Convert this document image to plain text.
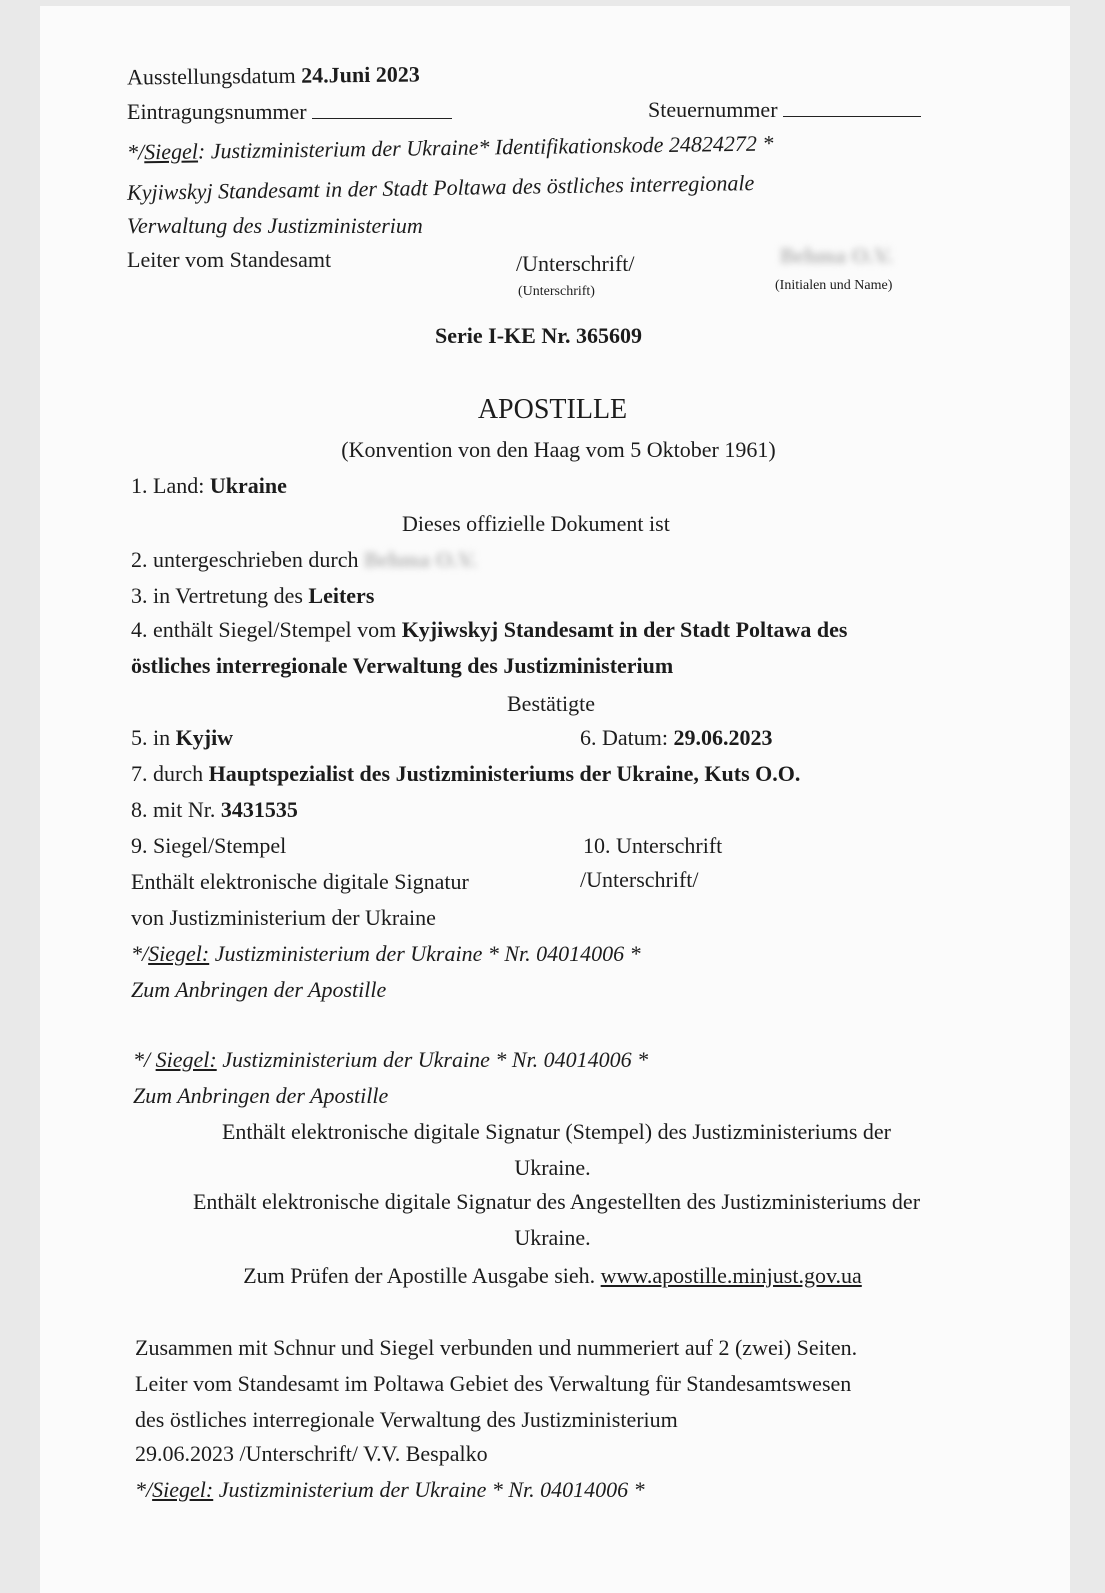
Ausstellungsdatum 24.Juni 2023
Eintragungsnummer	Steuernummer
*/Siegel: Justizministerium der Ukraine* Identifikationskode 24824272 *
Kyjiwskyj Standesamt in der Stadt Poltawa des östliches interregionale
Verwaltung des Justizministerium
Leiter vom Standesamt	/Unterschrift/
(Unterschrift)
Behma O.V.
(Initialen und Name)
Serie I-KE Nr. 365609
APOSTILLE
(Konvention von den Haag vom 5 Oktober 1961)
1. Land: Ukraine
Dieses offizielle Dokument ist
2. untergeschrieben durch Behma O.V.
3. in Vertretung des Leiters
4. enthält Siegel/Stempel vom Kyjiwskyj Standesamt in der Stadt Poltawa des
östliches interregionale Verwaltung des Justizministerium
Bestätigte
5. in Kyjiw	6. Datum: 29.06.2023
7. durch Hauptspezialist des Justizministeriums der Ukraine, Kuts O.O.
8. mit Nr. 3431535
9. Siegel/Stempel	10. Unterschrift
Enthält elektronische digitale Signatur	/Unterschrift/
von Justizministerium der Ukraine
*/Siegel: Justizministerium der Ukraine * Nr. 04014006 *
Zum Anbringen der Apostille
*/ Siegel: Justizministerium der Ukraine * Nr. 04014006 *
Zum Anbringen der Apostille
Enthält elektronische digitale Signatur (Stempel) des Justizministeriums der
Ukraine.
Enthält elektronische digitale Signatur des Angestellten des Justizministeriums der
Ukraine.
Zum Prüfen der Apostille Ausgabe sieh. www.apostille.minjust.gov.ua
Zusammen mit Schnur und Siegel verbunden und nummeriert auf 2 (zwei) Seiten.
Leiter vom Standesamt im Poltawa Gebiet des Verwaltung für Standesamtswesen
des östliches interregionale Verwaltung des Justizministerium
29.06.2023 /Unterschrift/ V.V. Bespalko
*/Siegel: Justizministerium der Ukraine * Nr. 04014006 *
